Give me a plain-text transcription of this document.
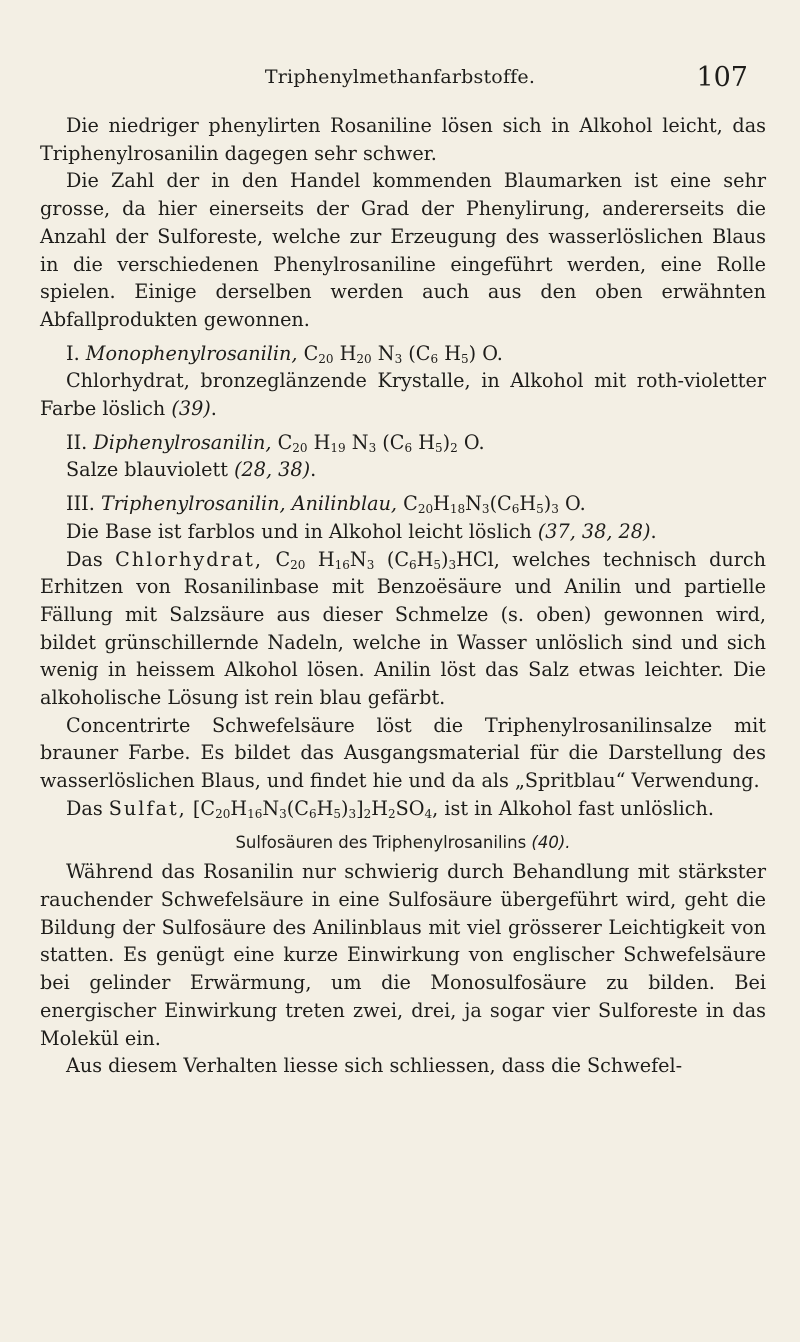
Triphenylmethanfarbstoffe.	107

Die niedriger phenylirten Rosaniline lösen sich in Alkohol leicht, das Triphenylrosanilin dagegen sehr schwer.

Die Zahl der in den Handel kommenden Blaumarken ist eine sehr grosse, da hier einerseits der Grad der Phenylirung, andererseits die Anzahl der Sulforeste, welche zur Erzeugung des wasserlöslichen Blaus in die verschiedenen Phenylrosaniline eingeführt werden, eine Rolle spielen. Einige derselben werden auch aus den oben erwähnten Abfallprodukten gewonnen.

I. Monophenylrosanilin, $C_{20}$ $H_{20}$ $N_3$ ($C_6$ $H_5$) O.

Chlorhydrat, bronzeglänzende Krystalle, in Alkohol mit roth-violetter Farbe löslich (39).

II. Diphenylrosanilin, $C_{20}$ $H_{19}$ $N_3$ ($C_6$ $H_5)_2$ O.

Salze blauviolett (28, 38).

III. Triphenylrosanilin, Anilinblau, $C_{20}H_{18}N_3(C_6H_5)_3$ O.

Die Base ist farblos und in Alkohol leicht löslich (37, 38, 28).

Das Chlorhydrat, $C_{20}$ $H_{16}N_3$ $(C_6H_5)_3HCl$, welches technisch durch Erhitzen von Rosanilinbase mit Benzoësäure und Anilin und partielle Fällung mit Salzsäure aus dieser Schmelze (s. oben) gewonnen wird, bildet grünschillernde Nadeln, welche in Wasser unlöslich sind und sich wenig in heissem Alkohol lösen. Anilin löst das Salz etwas leichter. Die alkoholische Lösung ist rein blau gefärbt.

Concentrirte Schwefelsäure löst die Triphenylrosanilinsalze mit brauner Farbe. Es bildet das Ausgangsmaterial für die Darstellung des wasserlöslichen Blaus, und findet hie und da als „Spritblau“ Verwendung.

Das Sulfat, $[C_{20}H_{16}N_3(C_6H_5)_3]_2H_2SO_4$, ist in Alkohol fast unlöslich.

Sulfosäuren des Triphenylrosanilins (40).

Während das Rosanilin nur schwierig durch Behandlung mit stärkster rauchender Schwefelsäure in eine Sulfosäure übergeführt wird, geht die Bildung der Sulfosäure des Anilinblaus mit viel grösserer Leichtigkeit von statten. Es genügt eine kurze Einwirkung von englischer Schwefelsäure bei gelinder Erwärmung, um die Monosulfosäure zu bilden. Bei energischer Einwirkung treten zwei, drei, ja sogar vier Sulforeste in das Molekül ein.

Aus diesem Verhalten liesse sich schliessen, dass die Schwefel-
